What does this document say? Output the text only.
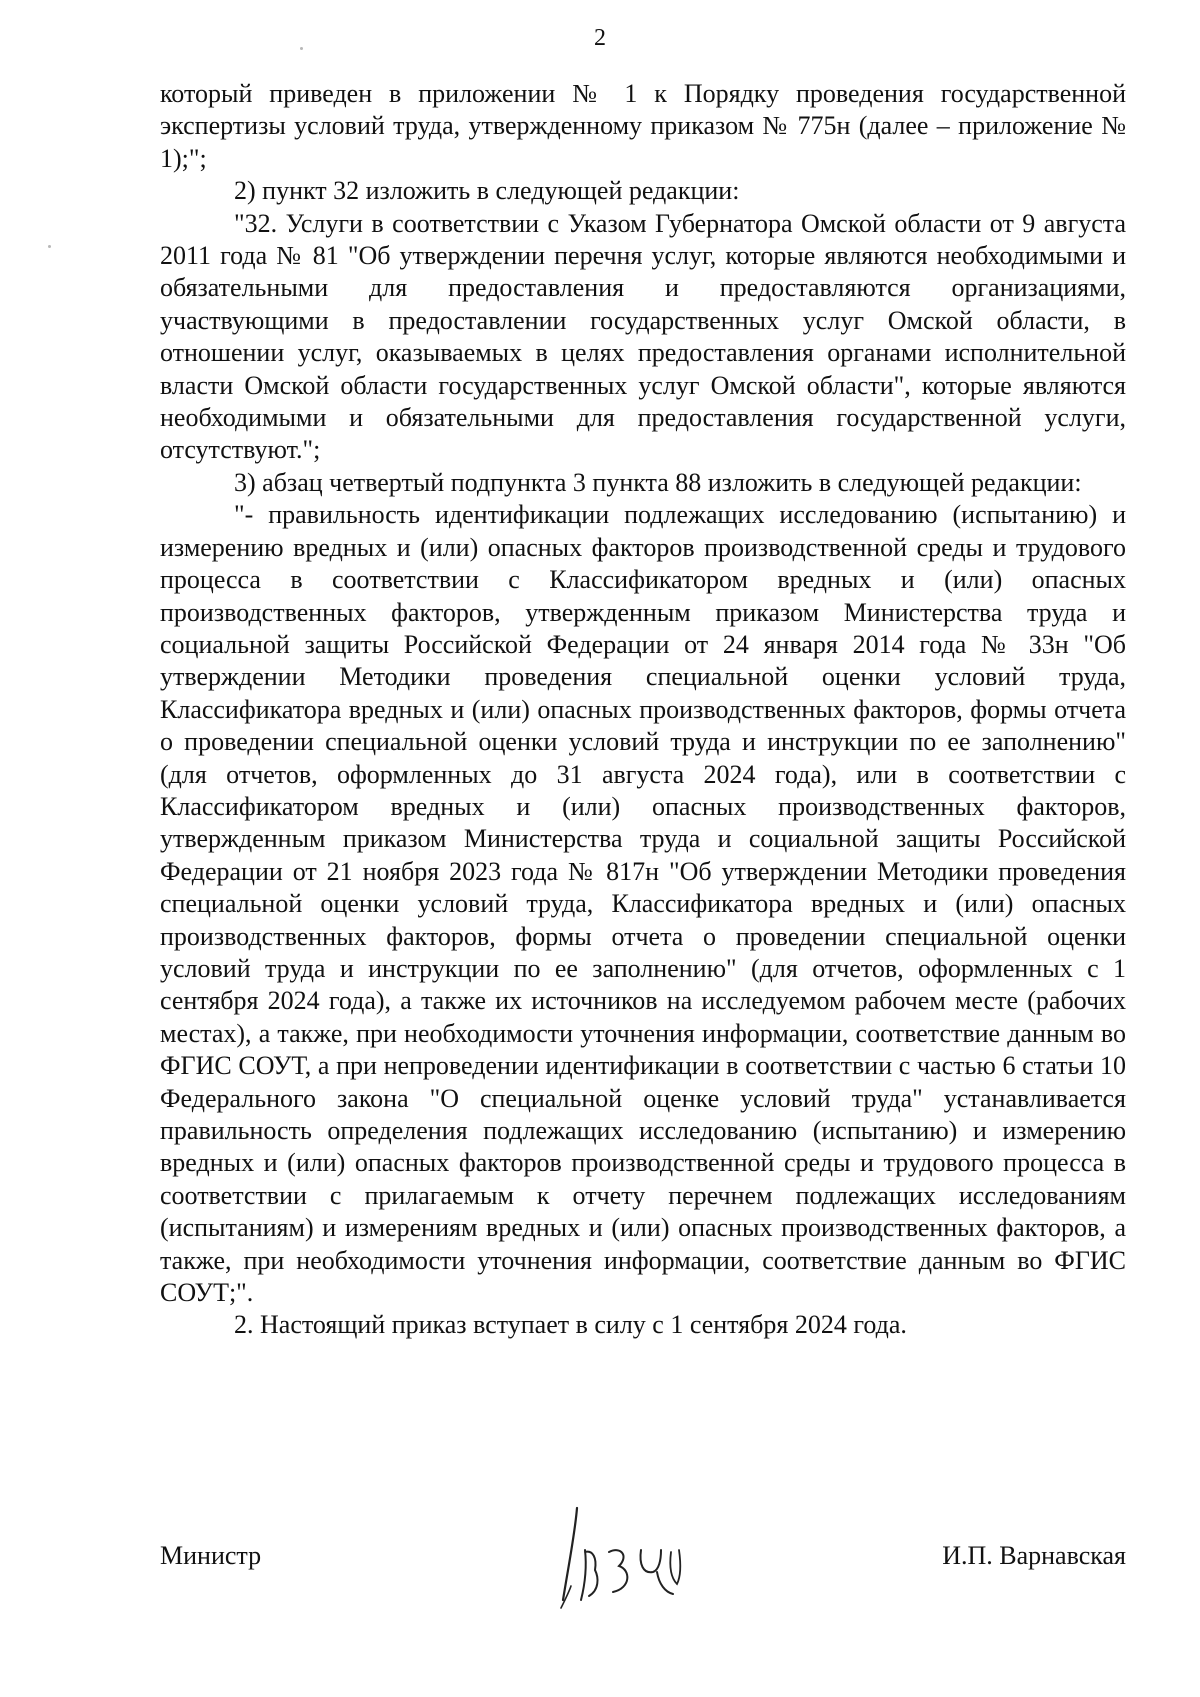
2

который приведен в приложении № 1 к Порядку проведения государственной экспертизы условий труда, утвержденному приказом № 775н (далее – приложение № 1);";

2) пункт 32 изложить в следующей редакции:

"32. Услуги в соответствии с Указом Губернатора Омской области от 9 августа 2011 года № 81 "Об утверждении перечня услуг, которые являются необходимыми и обязательными для предоставления и предоставляются организациями, участвующими в предоставлении государственных услуг Омской области, в отношении услуг, оказываемых в целях предоставления органами исполнительной власти Омской области государственных услуг Омской области", которые являются необходимыми и обязательными для предоставления государственной услуги, отсутствуют.";

3) абзац четвертый подпункта 3 пункта 88 изложить в следующей редакции:

"- правильность идентификации подлежащих исследованию (испытанию) и измерению вредных и (или) опасных факторов производственной среды и трудового процесса в соответствии с Классификатором вредных и (или) опасных производственных факторов, утвержденным приказом Министерства труда и социальной защиты Российской Федерации от 24 января 2014 года № 33н "Об утверждении Методики проведения специальной оценки условий труда, Классификатора вредных и (или) опасных производственных факторов, формы отчета о проведении специальной оценки условий труда и инструкции по ее заполнению" (для отчетов, оформленных до 31 августа 2024 года), или в соответствии с Классификатором вредных и (или) опасных производственных факторов, утвержденным приказом Министерства труда и социальной защиты Российской Федерации от 21 ноября 2023 года № 817н "Об утверждении Методики проведения специальной оценки условий труда, Классификатора вредных и (или) опасных производственных факторов, формы отчета о проведении специальной оценки условий труда и инструкции по ее заполнению" (для отчетов, оформленных с 1 сентября 2024 года), а также их источников на исследуемом рабочем месте (рабочих местах), а также, при необходимости уточнения информации, соответствие данным во ФГИС СОУТ, а при непроведении идентификации в соответствии с частью 6 статьи 10 Федерального закона "О специальной оценке условий труда" устанавливается правильность определения подлежащих исследованию (испытанию) и измерению вредных и (или) опасных факторов производственной среды и трудового процесса в соответствии с прилагаемым к отчету перечнем подлежащих исследованиям (испытаниям) и измерениям вредных и (или) опасных производственных факторов, а также, при необходимости уточнения информации, соответствие данным во ФГИС СОУТ;".

2. Настоящий приказ вступает в силу с 1 сентября 2024 года.

Министр	И.П. Варнавская
